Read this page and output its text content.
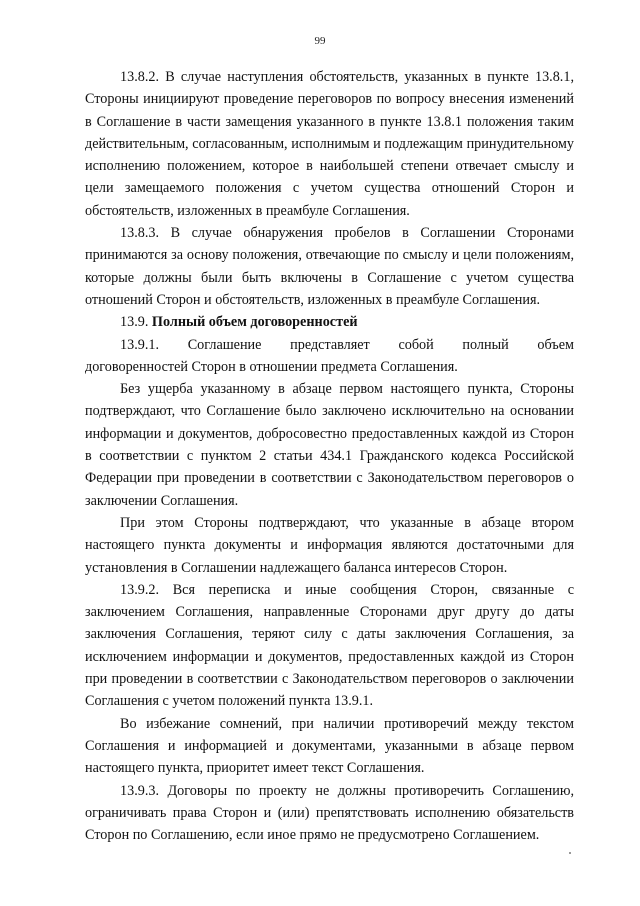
99

13.8.2. В случае наступления обстоятельств, указанных в пункте 13.8.1, Стороны инициируют проведение переговоров по вопросу внесения изменений в Соглашение в части замещения указанного в пункте 13.8.1 положения таким действительным, согласованным, исполнимым и подлежащим принудительному исполнению положением, которое в наибольшей степени отвечает смыслу и цели замещаемого положения с учетом существа отношений Сторон и обстоятельств, изложенных в преамбуле Соглашения.

13.8.3. В случае обнаружения пробелов в Соглашении Сторонами принимаются за основу положения, отвечающие по смыслу и цели положениям, которые должны были быть включены в Соглашение с учетом существа отношений Сторон и обстоятельств, изложенных в преамбуле Соглашения.

13.9. Полный объем договоренностей

13.9.1. Соглашение представляет собой полный объем

договоренностей Сторон в отношении предмета Соглашения.

Без ущерба указанному в абзаце первом настоящего пункта, Стороны подтверждают, что Соглашение было заключено исключительно на основании информации и документов, добросовестно предоставленных каждой из Сторон в соответствии с пунктом 2 статьи 434.1 Гражданского кодекса Российской Федерации при проведении в соответствии с Законодательством переговоров о заключении Соглашения.

При этом Стороны подтверждают, что указанные в абзаце втором настоящего пункта документы и информация являются достаточными для установления в Соглашении надлежащего баланса интересов Сторон.

13.9.2. Вся переписка и иные сообщения Сторон, связанные с заключением Соглашения, направленные Сторонами друг другу до даты заключения Соглашения, теряют силу с даты заключения Соглашения, за исключением информации и документов, предоставленных каждой из Сторон при проведении в соответствии с Законодательством переговоров о заключении Соглашения с учетом положений пункта 13.9.1.

Во избежание сомнений, при наличии противоречий между текстом Соглашения и информацией и документами, указанными в абзаце первом настоящего пункта, приоритет имеет текст Соглашения.

13.9.3. Договоры по проекту не должны противоречить Соглашению, ограничивать права Сторон и (или) препятствовать исполнению обязательств Сторон по Соглашению, если иное прямо не предусмотрено Соглашением.
